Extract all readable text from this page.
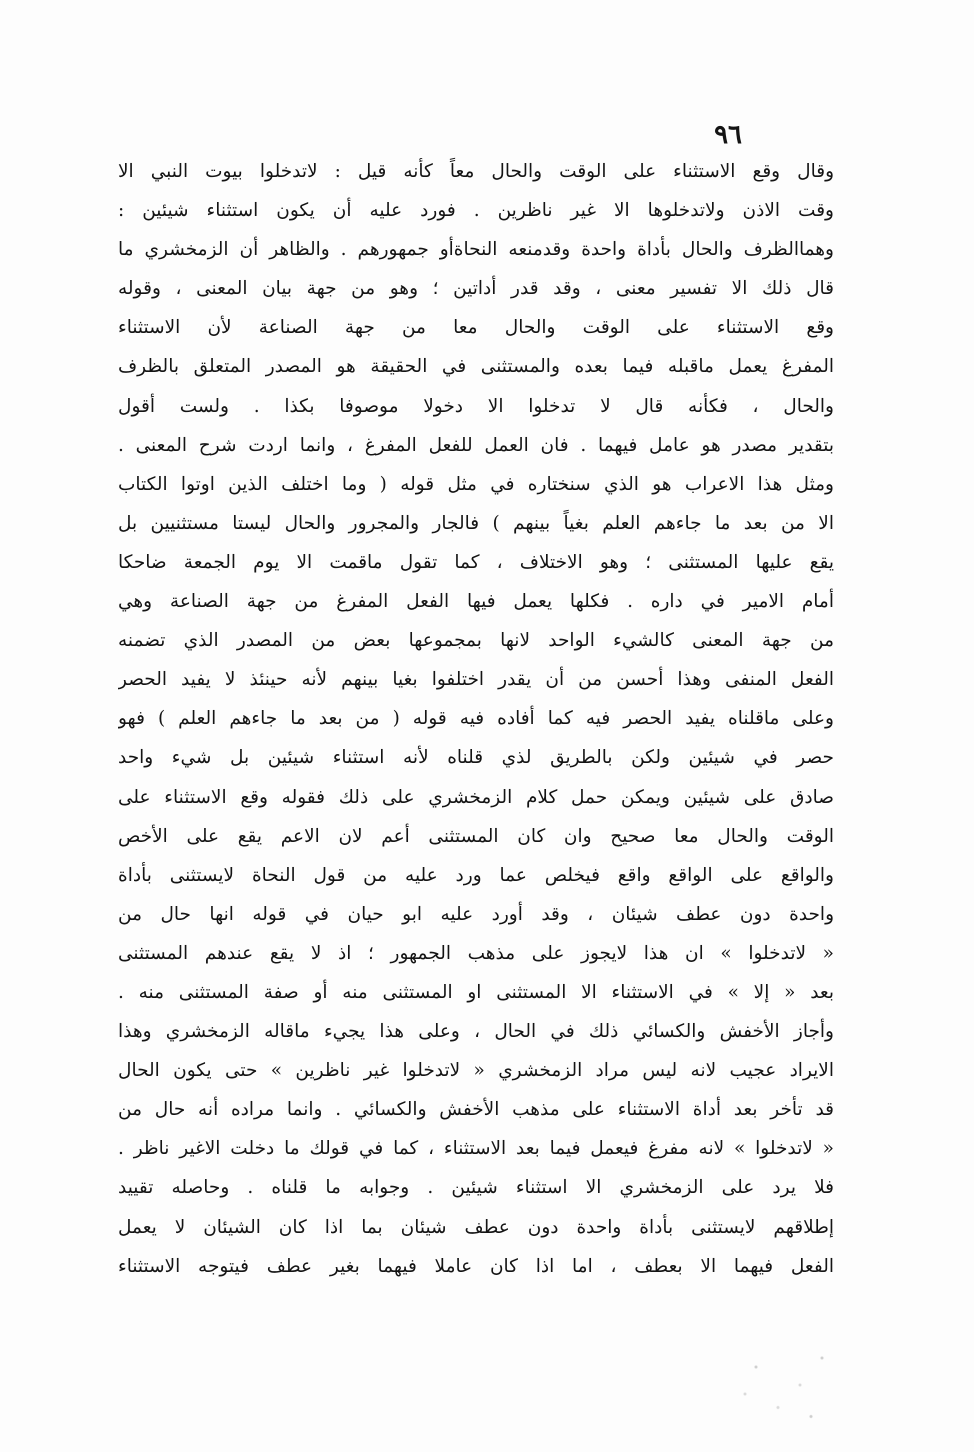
٩٦
وقال وقع الاستثناء على الوقت والحال معاً كأنه قيل : لاتدخلوا بيوت النبي الا
وقت الاذن ولاتدخلوها الا غير ناظرين . فورد عليه أن يكون استثناء شيئين :
وهماالظرف والحال بأداة واحدة وقدمنعه النحاةأو جمهورهم . والظاهر أن الزمخشري ما
قال ذلك الا تفسير معنى ، وقد قدر أداتين ؛ وهو من جهة بيان المعنى ، وقوله
وقع الاستثناء على الوقت والحال معا من جهة الصناعة لأن الاستثناء
المفرغ يعمل ماقبله فيما بعده والمستثنى في الحقيقة هو المصدر المتعلق بالظرف
والحال ، فكأنه قال لا تدخلوا الا دخولا موصوفا بكذا . ولست أقول
بتقدير مصدر هو عامل فيهما . فان العمل للفعل المفرغ ، وانما اردت شرح المعنى .
ومثل هذا الاعراب هو الذي سنختاره في مثل قوله ( وما اختلف الذين اوتوا الكتاب
الا من بعد ما جاءهم العلم بغياً بينهم ) فالجار والمجرور والحال ليستا مستثنيين بل
يقع عليها المستثنى ؛ وهو الاختلاف ، كما تقول ماقمت الا يوم الجمعة ضاحكا
أمام الامير في داره . فكلها يعمل فيها الفعل المفرغ من جهة الصناعة وهي
من جهة المعنى كالشيء الواحد لانها بمجموعها بعض من المصدر الذي تضمنه
الفعل المنفى وهذا أحسن من أن يقدر اختلفوا بغيا بينهم لأنه حينئذ لا يفيد الحصر
وعلى ماقلناه يفيد الحصر فيه كما أفاده فيه قوله ( من بعد ما جاءهم العلم ) فهو
حصر في شيئين ولكن بالطريق لذي قلناه لأنه استثناء شيئين بل شيء واحد
صادق على شيئين ويمكن حمل كلام الزمخشري على ذلك فقوله وقع الاستثناء على
الوقت والحال معا صحيح وان كان المستثنى أعم لان الاعم يقع على الأخص
والواقع على الواقع واقع فيخلص عما ورد عليه من قول النحاة لايستثنى بأداة
واحدة دون عطف شيئان ، وقد أورد عليه ابو حيان في قوله انها حال من
« لاتدخلوا » ان هذا لايجوز على مذهب الجمهور ؛ اذ لا يقع عندهم المستثنى
بعد « إلا » في الاستثناء الا المستثنى او المستثنى منه أو صفة المستثنى منه .
وأجاز الأخفش والكسائي ذلك في الحال ، وعلى هذا يجيء ماقاله الزمخشري وهذا
الايراد عجيب لانه ليس مراد الزمخشري « لاتدخلوا غير ناظرين » حتى يكون الحال
قد تأخر بعد أداة الاستثناء على مذهب الأخفش والكسائي . وانما مراده أنه حال من
« لاتدخلوا » لانه مفرغ فيعمل فيما بعد الاستثناء ، كما في قولك ما دخلت الاغير ناظر .
فلا يرد على الزمخشري الا استثناء شيئين . وجوابه ما قلناه . وحاصله تقييد
إطلاقهم لايستثنى بأداة واحدة دون عطف شيئان بما اذا كان الشيئان لا يعمل
الفعل فيهما الا بعطف ، اما اذا كان عاملا فيهما بغير عطف فيتوجه الاستثناء
